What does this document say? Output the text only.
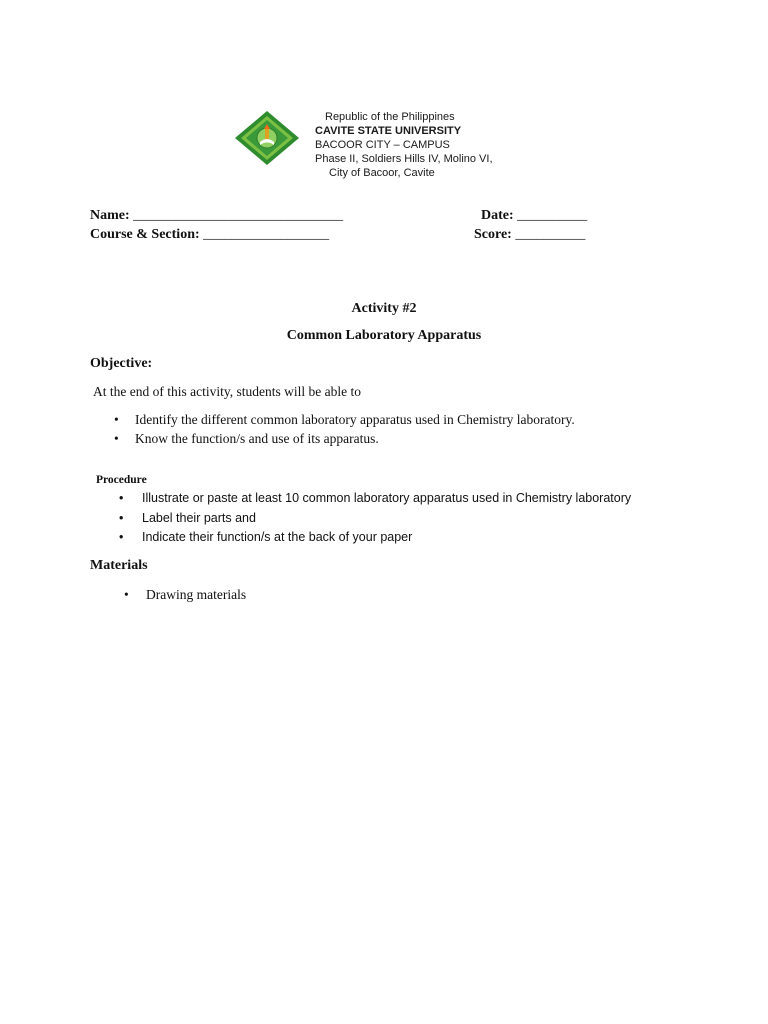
Republic of the Philippines
CAVITE STATE UNIVERSITY
BACOOR CITY – CAMPUS
Phase II, Soldiers Hills IV, Molino VI,
City of Bacoor, Cavite
Name: ______________________________	Date: __________
Course & Section: __________________	Score: __________
Activity #2
Common Laboratory Apparatus
Objective:
At the end of this activity, students will be able to
• Identify the different common laboratory apparatus used in Chemistry laboratory.
• Know the function/s and use of its apparatus.
Procedure
• Illustrate or paste at least 10 common laboratory apparatus used in Chemistry laboratory
• Label their parts and
• Indicate their function/s at the back of your paper
Materials
• Drawing materials
